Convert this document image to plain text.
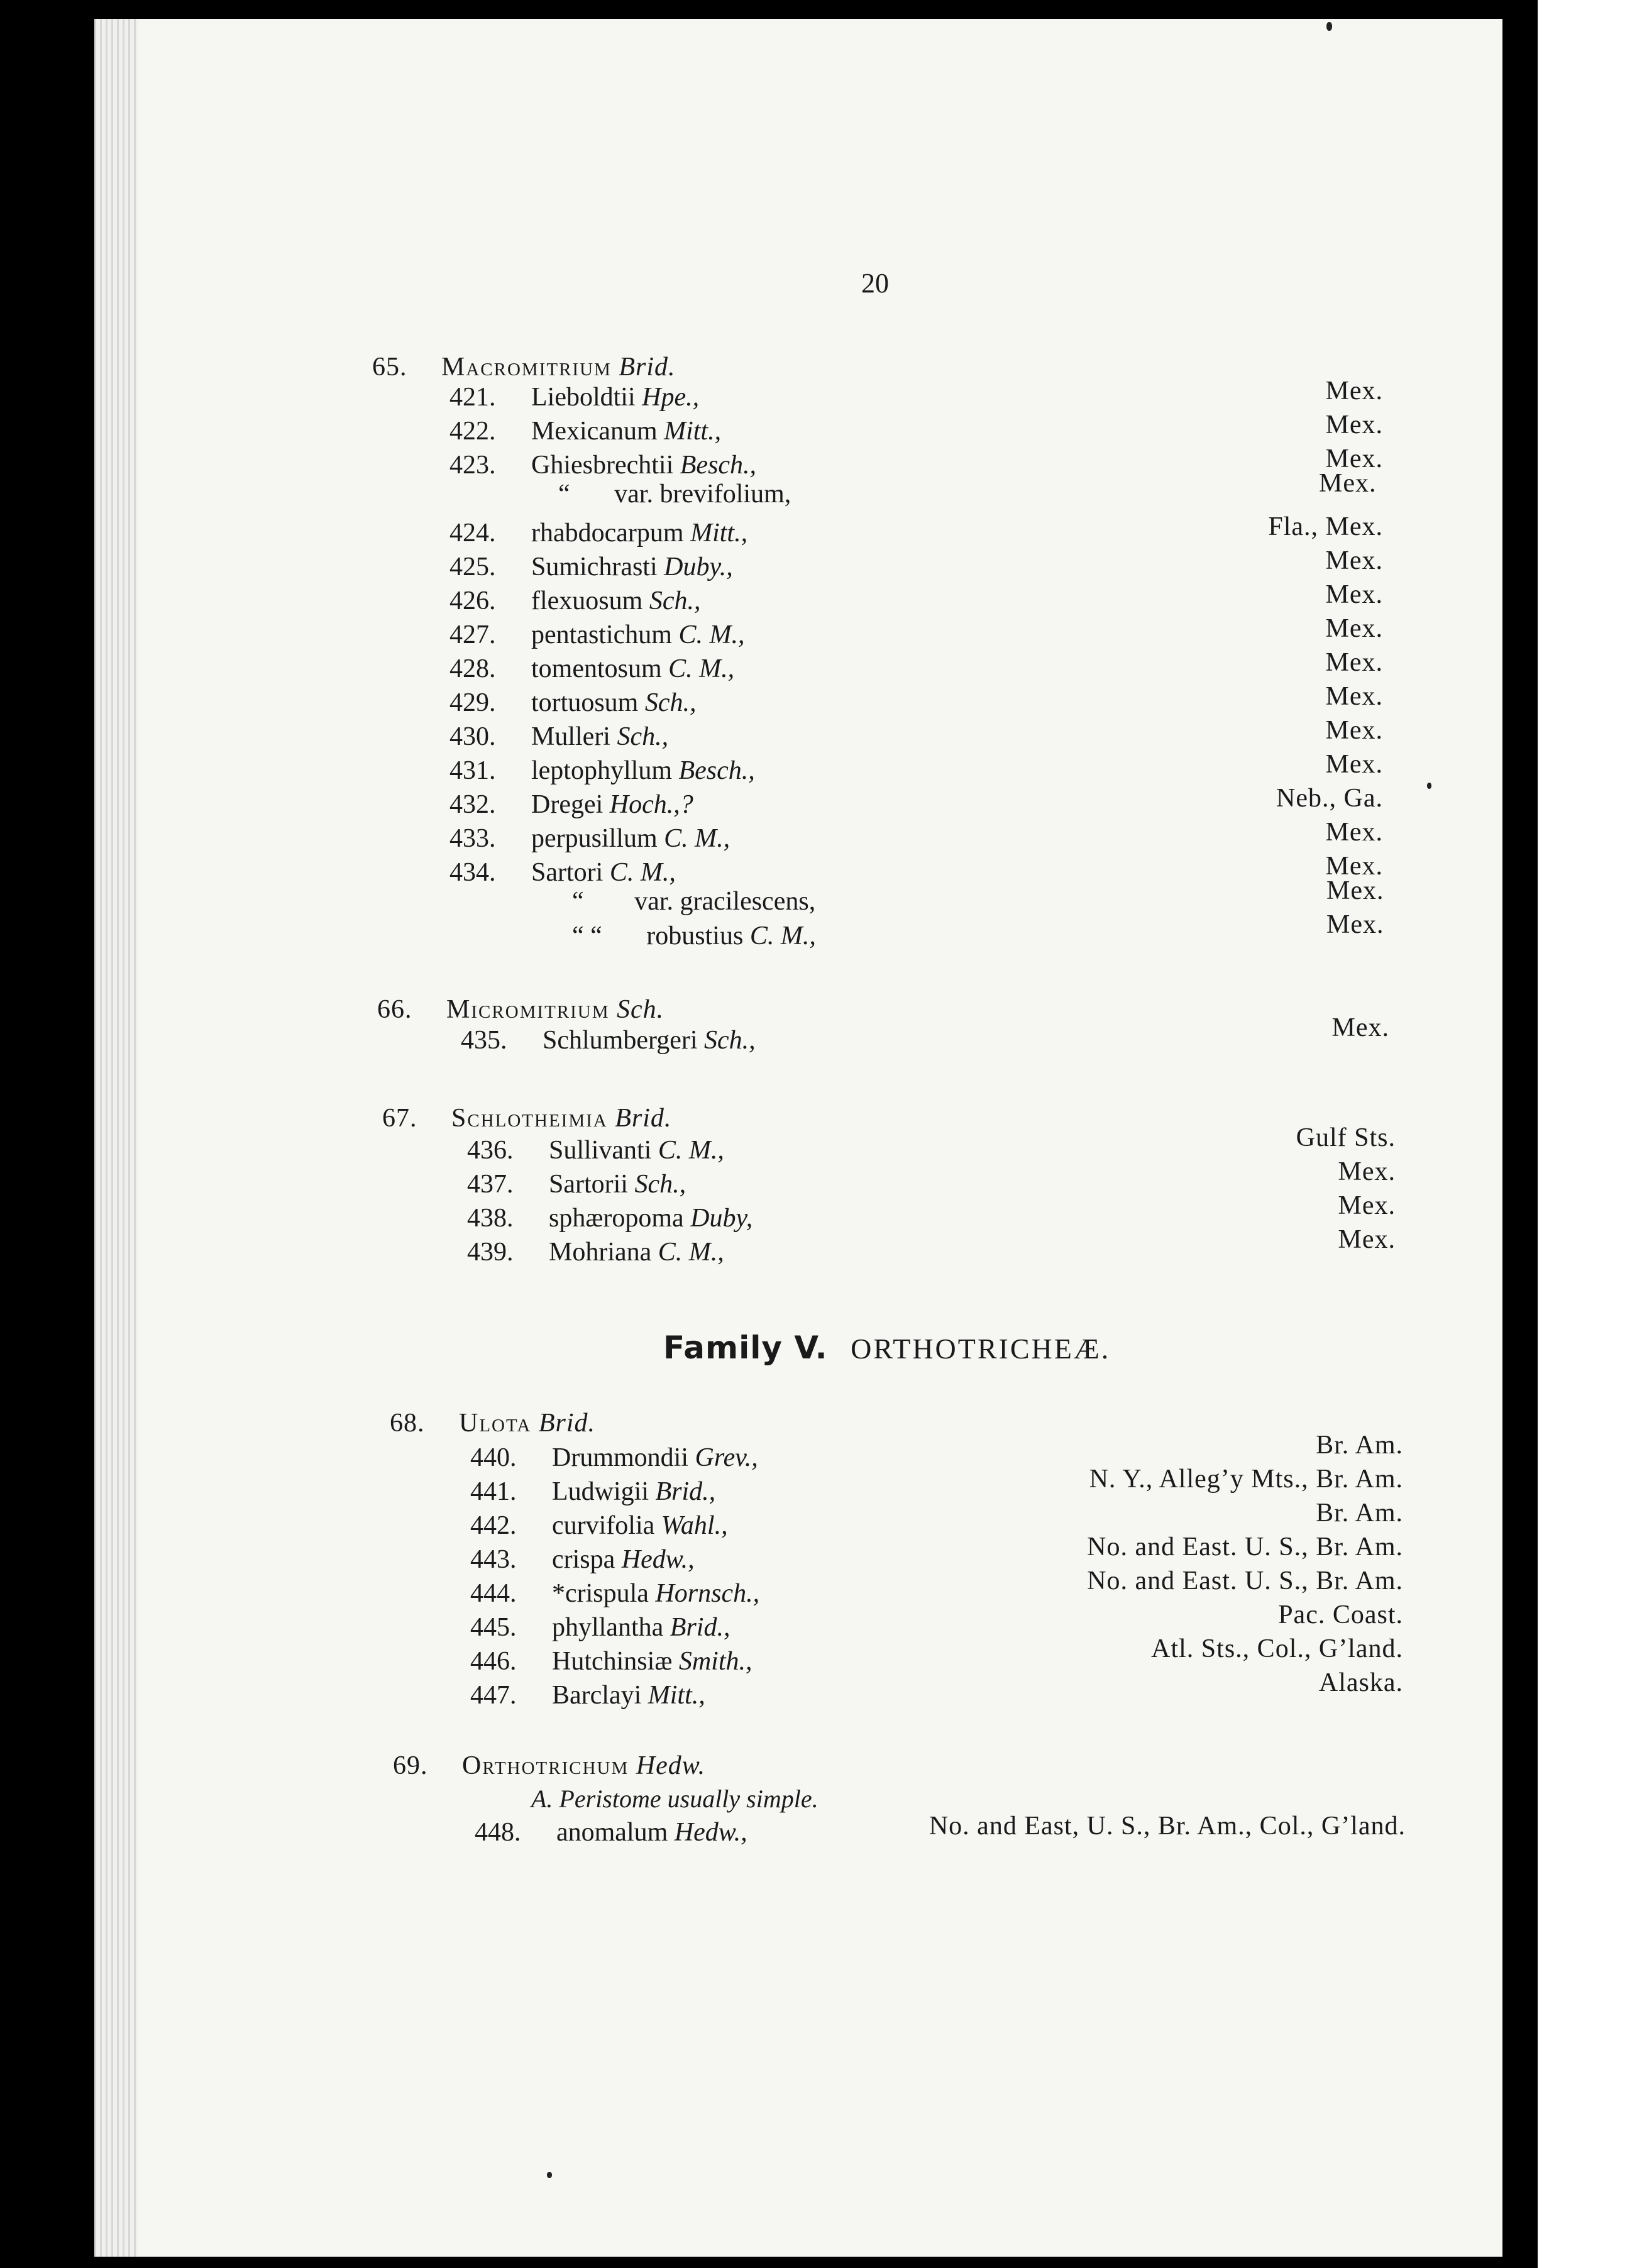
20
65. Macromitrium Brid.
421.	Lieboldtii Hpe.,	Mex.
422.	Mexicanum Mitt.,	Mex.
423.	Ghiesbrechtii Besch.,	Mex.
424.	rhabdocarpum Mitt.,	Fla., Mex.
425.	Sumichrasti Duby.,	Mex.
426.	flexuosum Sch.,	Mex.
427.	pentastichum C. M.,	Mex.
428.	tomentosum C. M.,	Mex.
429.	tortuosum Sch.,	Mex.
430.	Mulleri Sch.,	Mex.
431.	leptophyllum Besch.,	Mex.
432.	Dregei Hoch.,?	Neb., Ga.
433.	perpusillum C. M.,	Mex.
434.	Sartori C. M.,	Mex.
“ var. brevifolium,	Mex.
“ var. gracilescens,	Mex.
“ “ robustius C. M.,	Mex.
66. Micromitrium Sch.
435.	Schlumbergeri Sch.,	Mex.
67. Schlotheimia Brid.
436.	Sullivanti C. M.,	Gulf Sts.
437.	Sartorii Sch.,	Mex.
438.	sphæropoma Duby,	Mex.
439.	Mohriana C. M.,	Mex.
Family V. ORTHOTRICHEÆ.
68. Ulota Brid.
440.	Drummondii Grev.,	Br. Am.
441.	Ludwigii Brid.,	N. Y., Alleg’y Mts., Br. Am.
442.	curvifolia Wahl.,	Br. Am.
443.	crispa Hedw.,	No. and East. U. S., Br. Am.
444.	*crispula Hornsch.,	No. and East. U. S., Br. Am.
445.	phyllantha Brid.,	Pac. Coast.
446.	Hutchinsiæ Smith.,	Atl. Sts., Col., G’land.
447.	Barclayi Mitt.,	Alaska.
69. Orthotrichum Hedw.
A. Peristome usually simple.
448.	anomalum Hedw.,	No. and East, U. S., Br. Am., Col., G’land.
